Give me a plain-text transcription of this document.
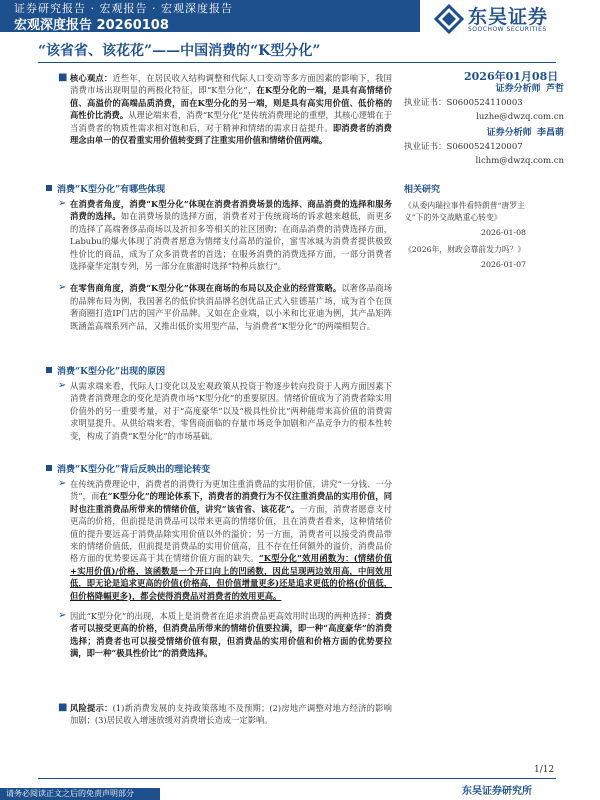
证券研究报告 · 宏观报告 · 宏观深度报告
宏观深度报告 20260108	东吴证券
SOOCHOW SECURITIES
“该省省、该花花”——中国消费的“K型分化”
2026年01月08日
■ 核心观点：近些年，在居民收入结构调整和代际人口变动等多方面因素的影响下，我国消费市场出现明显的两极化特征，即“K型分化”，在K型分化的一端，是具有高情绪价值、高溢价的高端品质消费，而在K型分化的另一端，则是具有高实用价值、低价格的高性价比消费。从理论端来看，消费“K型分化”是传统消费理论的重塑，其核心逻辑在于当消费者的物质性需求相对饱和后，对于精神和情绪的需求日益提升。即消费者的消费理念由单一的仅看重实用价值转变到了注重实用价值和情绪价值两端。
消费“K型分化”有哪些体现
➢ 在消费者角度，消费“K型分化”体现在消费者消费场景的选择、商品消费的选择和服务消费的选择。如在消费场景的选择方面，消费者对于传统商场的诉求越来越低，而更多的选择了高端奢侈品商场以及折扣多等相关的社区团购；在商品消费的消费选择方面，Labubu的爆火体现了消费者愿意为情绪支付高昂的溢价，蜜雪冰城为消费者提供极致性价比的商品，成为了众多消费者的首选；在服务消费的消费选择方面，一部分消费者选择豪华定制专列，另一部分在旅游时选择“特种兵旅行”。
➢ 在零售商角度，消费“K型分化”体现在商场的布局以及企业的经营策略。以奢侈品商场的品牌布局为例，我国著名的低价快消品牌名创优品正式入驻德基广场，成为首个在顶奢商圈打造IP门店的国产平价品牌。又如在企业端，以小米和比亚迪为例，其产品矩阵既涵盖高端系列产品，又推出低价实用型产品，与消费者“K型分化”的两端相契合。
消费“K型分化”出现的原因
➢ 从需求端来看，代际人口变化以及宏观政策从投资于物逐步转向投资于人两方面因素下消费者消费理念的变化是消费市场“K型分化”的重要原因。情绪价值成为了消费者除实用价值外的另一重要考量，对于“高度豪华”以及“极具性价比”两种能带来高价值的消费需求明显提升。从供给端来看，零售商面临的存量市场竞争加剧和产品竞争力的根本性转变，构成了消费“K型分化”的市场基础。
消费“K型分化”背后反映出的理论转变
➢ 在传统消费理论中，消费者的消费行为更加注重消费品的实用价值，讲究“一分钱、一分货”，而在“K型分化”的理论体系下，消费者的消费行为不仅注重消费品的实用价值，同时也注重消费品所带来的情绪价值，讲究“该省省、该花花”。一方面，消费者愿意支付更高的价格，但前提是消费品可以带来更高的情绪价值，且在消费者看来，这种情绪价值的提升要远高于消费品除实用价值以外的溢价；另一方面，消费者可以接受消费品带来的情绪价值低，但前提是消费品的实用价值高，且不存在任何额外的溢价，消费品价格方面的优势要远高于其在情绪价值方面的缺失。“K型分化”效用函数为：(情绪价值+实用价值)/价格，该函数是一个开口向上的凹函数，因此呈现两边效用高，中间效用低，即无论是追求更高的价值(价格高，但价值增量更多)还是追求更低的价格(价值低，但价格降幅更多)，都会使得消费品对消费者的效用更高。
➢ 因此“K型分化”的出现，本质上是消费者在追求消费品更高效用时出现的两种选择：消费者可以接受更高的价格，但消费品所带来的情绪价值要拉满，即一种“高度豪华”的消费选择；消费者也可以接受情绪价值有限，但消费品的实用价值和价格方面的优势要拉满，即一种“极具性价比”的消费选择。
■ 风险提示：(1)新消费发展的支持政策落地不及预期；(2)房地产调整对地方经济的影响加剧；(3)居民收入增速放缓对消费增长造成一定影响。
证券分析师 芦哲
执业证书：S0600524110003
luzhe@dwzq.com.cn
证券分析师 李昌萌
执业证书：S0600524120007
lichm@dwzq.com.cn
相关研究
《从委内瑞拉事件看特朗普“唐罗主义”下的外交战略重心转变》
2026-01-08
《2026年，财政会靠前发力吗？》
2026-01-07
1/12
东吴证券研究所
请务必阅读正文之后的免责声明部分
